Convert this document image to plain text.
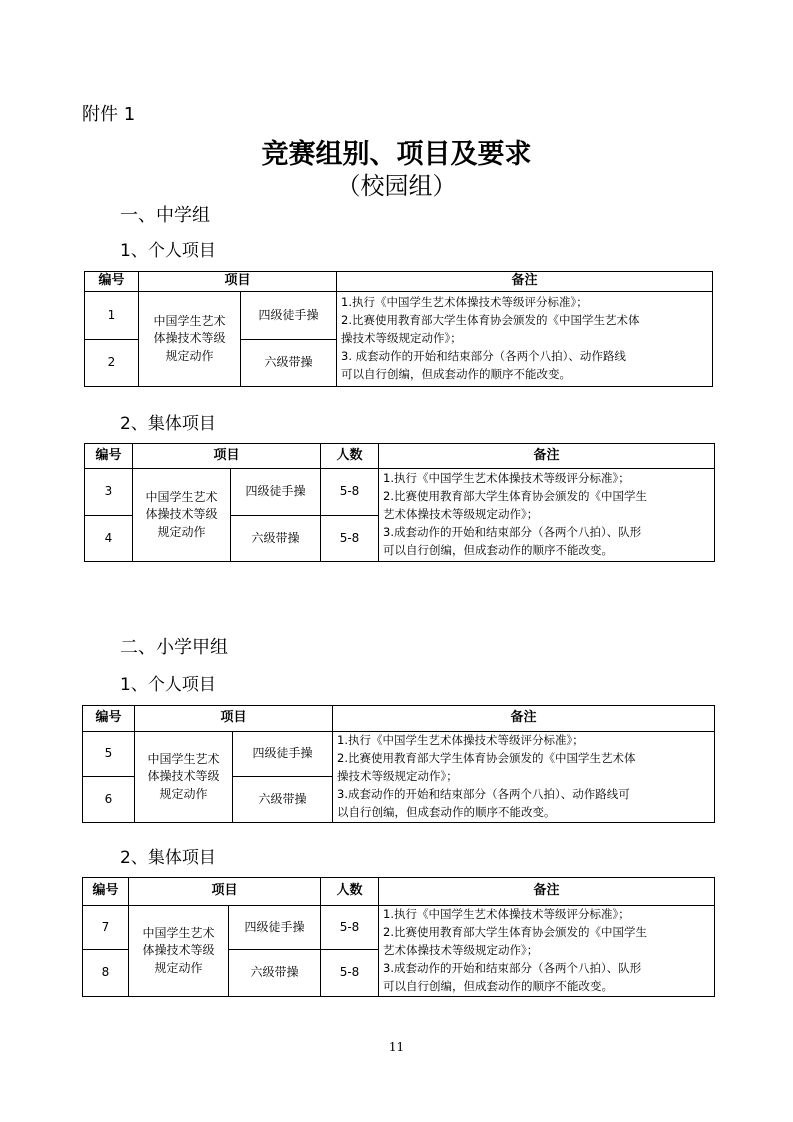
附件 1
竞赛组别、项目及要求
（校园组）
一、中学组
1、个人项目
编号	项目		备注
1	中国学生艺术
体操技术等级
规定动作	四级徒手操	1.执行《中国学生艺术体操技术等级评分标准》；
2.比赛使用教育部大学生体育协会颁发的《中国学生艺术体
操技术等级规定动作》；
3. 成套动作的开始和结束部分（各两个八拍）、动作路线
可以自行创编，但成套动作的顺序不能改变。

2		六级带操	
2、集体项目
编号	项目		人数	备注
3	中国学生艺术
体操技术等级
规定动作	四级徒手操	5-8	1.执行《中国学生艺术体操技术等级评分标准》；
2.比赛使用教育部大学生体育协会颁发的《中国学生
艺术体操技术等级规定动作》；
3.成套动作的开始和结束部分（各两个八拍）、队形
可以自行创编，但成套动作的顺序不能改变。

4		六级带操	5-8	
二、小学甲组
1、个人项目
编号	项目		备注
5	中国学生艺术
体操技术等级
规定动作	四级徒手操	1.执行《中国学生艺术体操技术等级评分标准》；
2.比赛使用教育部大学生体育协会颁发的《中国学生艺术体
操技术等级规定动作》；
3.成套动作的开始和结束部分（各两个八拍）、动作路线可
以自行创编，但成套动作的顺序不能改变。

6		六级带操	
2、集体项目
编号	项目		人数	备注
7	中国学生艺术
体操技术等级
规定动作	四级徒手操	5-8	1.执行《中国学生艺术体操技术等级评分标准》；
2.比赛使用教育部大学生体育协会颁发的《中国学生
艺术体操技术等级规定动作》；
3.成套动作的开始和结束部分（各两个八拍）、队形
可以自行创编，但成套动作的顺序不能改变。

8		六级带操	5-8	
11
